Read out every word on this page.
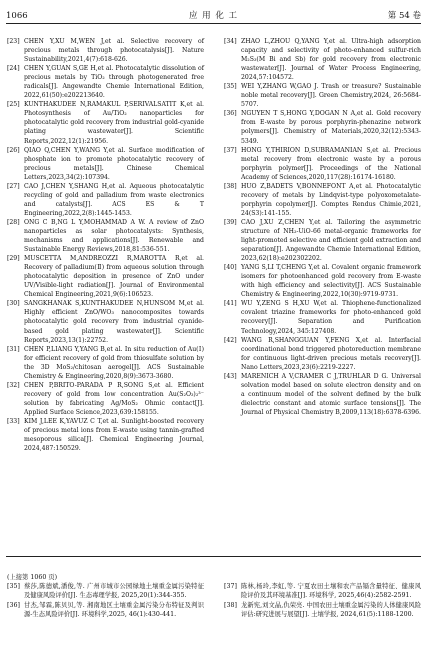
1066	应 用 化 工	第 54 卷
[23] CHEN Y,XU M,WEN J,et al. Selective recovery of precious metals through photocatalysis[J]. Nature Sustainability,2021,4(7):618-626.
[24] CHEN Y,GUAN S,GE H,et al. Photocatalytic dissolution of precious metals by TiO₂ through photogenerated free radicals[J]. Angewandte Chemie International Edition, 2022,61(50):e202213640.
[25] KUNTHAKUDEE N,RAMAKUL P,SERIVALSATIT K,et al. Photosynthesis of Au/TiO₂ nanoparticles for photocatalytic gold recovery from industrial gold-cyanide plating wastewater[J]. Scientific Reports,2022,12(1):21956.
[26] QIAO Q,CHEN Y,WANG Y,et al. Surface modification of phosphate ion to promote photocatalytic recovery of precious metals[J]. Chinese Chemical Letters,2023,34(2):107394.
[27] CAO J,CHEN Y,SHANG H,et al. Aqueous photocatalytic recycling of gold and palladium from waste electronics and catalysts[J]. ACS ES & T Engineering,2022,2(8):1445-1453.
[28] ONG C B,NG L Y,MOHAMMAD A W. A review of ZnO nanoparticles as solar photocatalysts: Synthesis, mechanisms and applications[J]. Renewable and Sustainable Energy Reviews,2018,81:536-551.
[29] MUSCETTA M,ANDREOZZI R,MAROTTA R,et al. Recovery of palladium(Ⅱ) from aqueous solution through photocatalytic deposition in presence of ZnO under UV/Visible-light radiation[J]. Journal of Environmental Chemical Engineering,2021,9(6):106523.
[30] SANGKHANAK S,KUNTHAKUDEE N,HUNSOM M,et al. Highly efficient ZnO/WO₃ nanocomposites towards photocatalytic gold recovery from industrial cyanide-based gold plating wastewater[J]. Scientific Reports,2023,13(1):22752.
[31] CHEN P,LIANG Y,YANG B,et al. In situ reduction of Au(Ⅰ) for efficient recovery of gold from thiosulfate solution by the 3D MoS₂/chitosan aerogel[J]. ACS Sustainable Chemistry & Engineering,2020,8(9):3673-3680.
[32] CHEN P,BRITO-PARADA P R,SONG S,et al. Efficient recovery of gold from low concentration Au(S₂O₃)₂³⁻ solution by fabricating Ag/MoS₂ Ohmic contact[J]. Applied Surface Science,2023,639:158155.
[33] KIM J,LEE K,YAVUZ C T,et al. Sunlight-boosted recovery of precious metal ions from E-waste using tannin-grafted mesoporous silica[J]. Chemical Engineering Journal, 2024,487:150529.
[34] ZHAO L,ZHOU Q,YANG Y,et al. Ultra-high adsorption capacity and selectivity of photo-enhanced sulfur-rich M₂S₃(M Bi and Sb) for gold recovery from electronic wastewater[J]. Journal of Water Process Engineering, 2024,57:104572.
[35] WEI Y,ZHANG W,GAO J. Trash or treasure? Sustainable noble metal recovery[J]. Green Chemistry,2024, 26:5684-5707.
[36] NGUYEN T S,HONG Y,DOGAN N A,et al. Gold recovery from E-waste by porous porphyrin-phenazine network polymers[J]. Chemistry of Materials,2020,32(12):5343-5349.
[37] HONG Y,THIRION D,SUBRAMANIAN S,et al. Precious metal recovery from electronic waste by a porous porphyrin polymer[J]. Proceedings of the National Academy of Sciences,2020,117(28):16174-16180.
[38] HUO Z,BADETS V,BONNEFONT A,et al. Photocatalytic recovery of metals by Lindqvist-type polyoxometalate-porphyrin copolymer[J]. Comptes Rendus Chimie,2021, 24(S3):141-155.
[39] CAO J,XU Z,CHEN Y,et al. Tailoring the asymmetric structure of NH₂-UiO-66 metal-organic frameworks for light-promoted selective and efficient gold extraction and separation[J]. Angewandte Chemie International Edition, 2023,62(18):e202302202.
[40] YANG S,LI T,CHENG Y,et al. Covalent organic framework isomers for photoenhanced gold recovery from E-waste with high efficiency and selectivity[J]. ACS Sustainable Chemistry & Engineering,2022,10(30):9719-9731.
[41] WU Y,ZENG S H,XU W,et al. Thiophene-functionalized covalent triazine frameworks for photo-enhanced gold recovery[J]. Separation and Purification Technology,2024, 345:127408.
[42] WANG R,SHANGGUAN Y,FENG X,et al. Interfacial coordinational bond triggered photoreduction membrane for continuous light-driven precious metals recovery[J]. Nano Letters,2023,23(6):2219-2227.
[43] MARENICH A V,CRAMER C J,TRUHLAR D G. Universal solvation model based on solute electron density and on a continuum model of the solvent defined by the bulk dielectric constant and atomic surface tensions[J]. The Journal of Physical Chemistry B,2009,113(18):6378-6396.
(上接第 1060 页)
[35] 蔡莎,陈德斌,潘俊,等. 广州市城市公园绿地土壤重金属污染特征及健康风险评价[J]. 生态毒理学报, 2025,20(1):344-355.
[36] 甘杰,邹霖,陈贝贝,等. 湘南地区土壤重金属污染分布特征及判识源-生态风险评价[J]. 环境科学,2025, 46(1):430-441.
[37] 陈林,杨玲,李虹,等. 宁夏农田土壤和农产品镉含量特征、健康风险评价及其环境基准[J]. 环境科学, 2025,46(4):2582-2591.
[38] 龙新宪,刘文晶,仇荣亮. 中国农田土壤重金属污染的人体健康风险评估:研究进展与展望[J]. 土壤学报, 2024,61(5):1188-1200.
